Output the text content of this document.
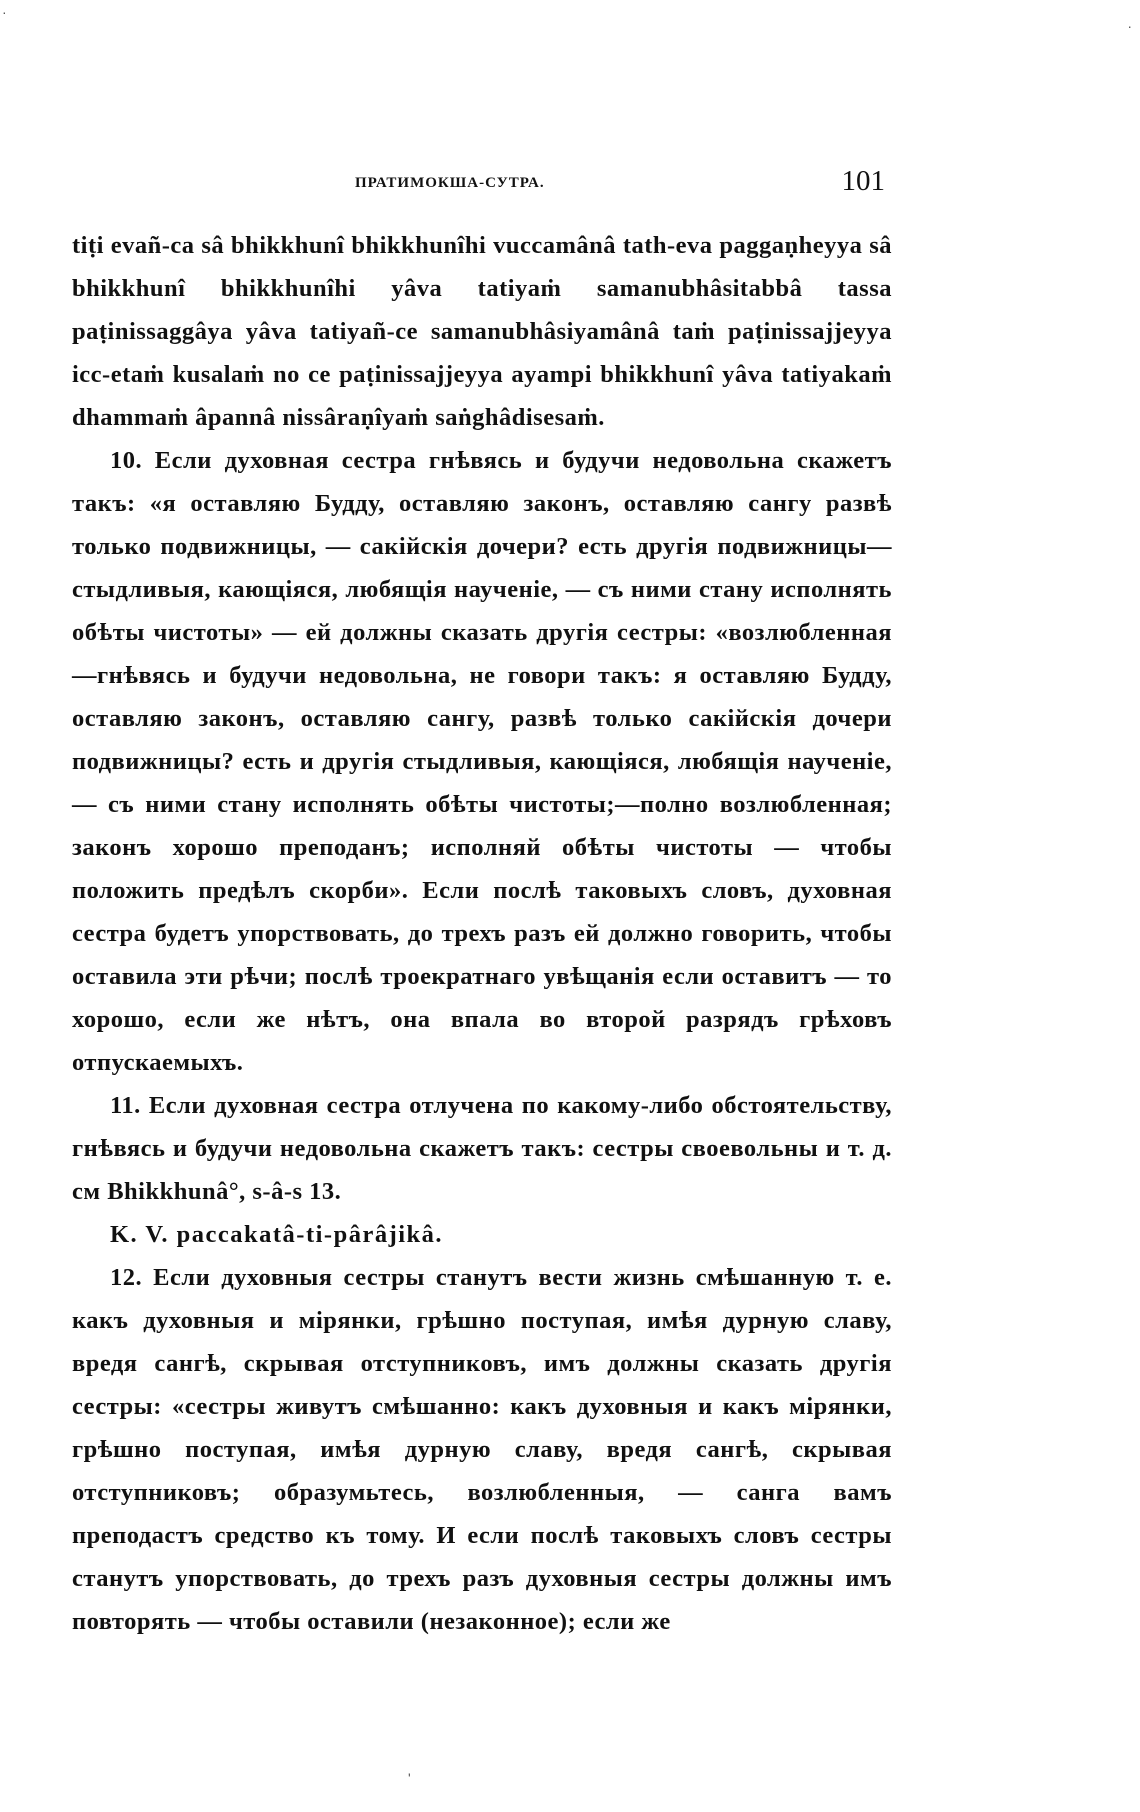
ПРАТИМОКША-СУТРА.	101

tiṭi evañ-ca sâ bhikkhunî bhikkhunîhi vuccamânâ tath-eva paggaṇheyya sâ bhikkhunî bhikkhunîhi yâva tatiyaṁ samanubhâsitabbâ tassa paṭinissaggâya yâva tatiyañ-ce samanubhâsiyamânâ taṁ paṭinissajjeyya icc-etaṁ kusalaṁ no ce paṭinissajjeyya ayampi bhikkhunî yâva tatiyakaṁ dhammaṁ âpannâ nissâraṇîyaṁ saṅghâdisesaṁ.

10. Если духовная сестра гнѣвясь и будучи недовольна скажетъ такъ: «я оставляю Будду, оставляю законъ, оставляю сангу развѣ только подвижницы, — сакійскія дочери? есть другія подвижницы—стыдливыя, кающіяся, любящія наученіе, — съ ними стану исполнять обѣты чистоты» — ей должны сказать другія сестры: «возлюбленная—гнѣвясь и будучи недовольна, не говори такъ: я оставляю Будду, оставляю законъ, оставляю сангу, развѣ только сакійскія дочери подвижницы? есть и другія стыдливыя, кающіяся, любящія наученіе, — съ ними стану исполнять обѣты чистоты;—полно возлюбленная; законъ хорошо преподанъ; исполняй обѣты чистоты — чтобы положить предѣлъ скорби». Если послѣ таковыхъ словъ, духовная сестра будетъ упорствовать, до трехъ разъ ей должно говорить, чтобы оставила эти рѣчи; послѣ троекратнаго увѣщанія если оставитъ — то хорошо, если же нѣтъ, она впала во второй разрядъ грѣховъ отпускаемыхъ.

11. Если духовная сестра отлучена по какому-либо обстоятельству, гнѣвясь и будучи недовольна скажетъ такъ: сестры своевольны и т. д. см Bhikkhunâ°, s-â-s 13.

K. V. paccakatâ-ti-pârâjikâ.

12. Если духовныя сестры станутъ вести жизнь смѣшанную т. е. какъ духовныя и мірянки, грѣшно поступая, имѣя дурную славу, вредя сангѣ, скрывая отступниковъ, имъ должны сказать другія сестры: «сестры живутъ смѣшанно: какъ духовныя и какъ мірянки, грѣшно поступая, имѣя дурную славу, вредя сангѣ, скрывая отступниковъ; образумьтесь, возлюбленныя, — санга вамъ преподастъ средство къ тому. И если послѣ таковыхъ словъ сестры станутъ упорствовать, до трехъ разъ духовныя сестры должны имъ повторять — чтобы оставили (незаконное); если же

·
·
'
